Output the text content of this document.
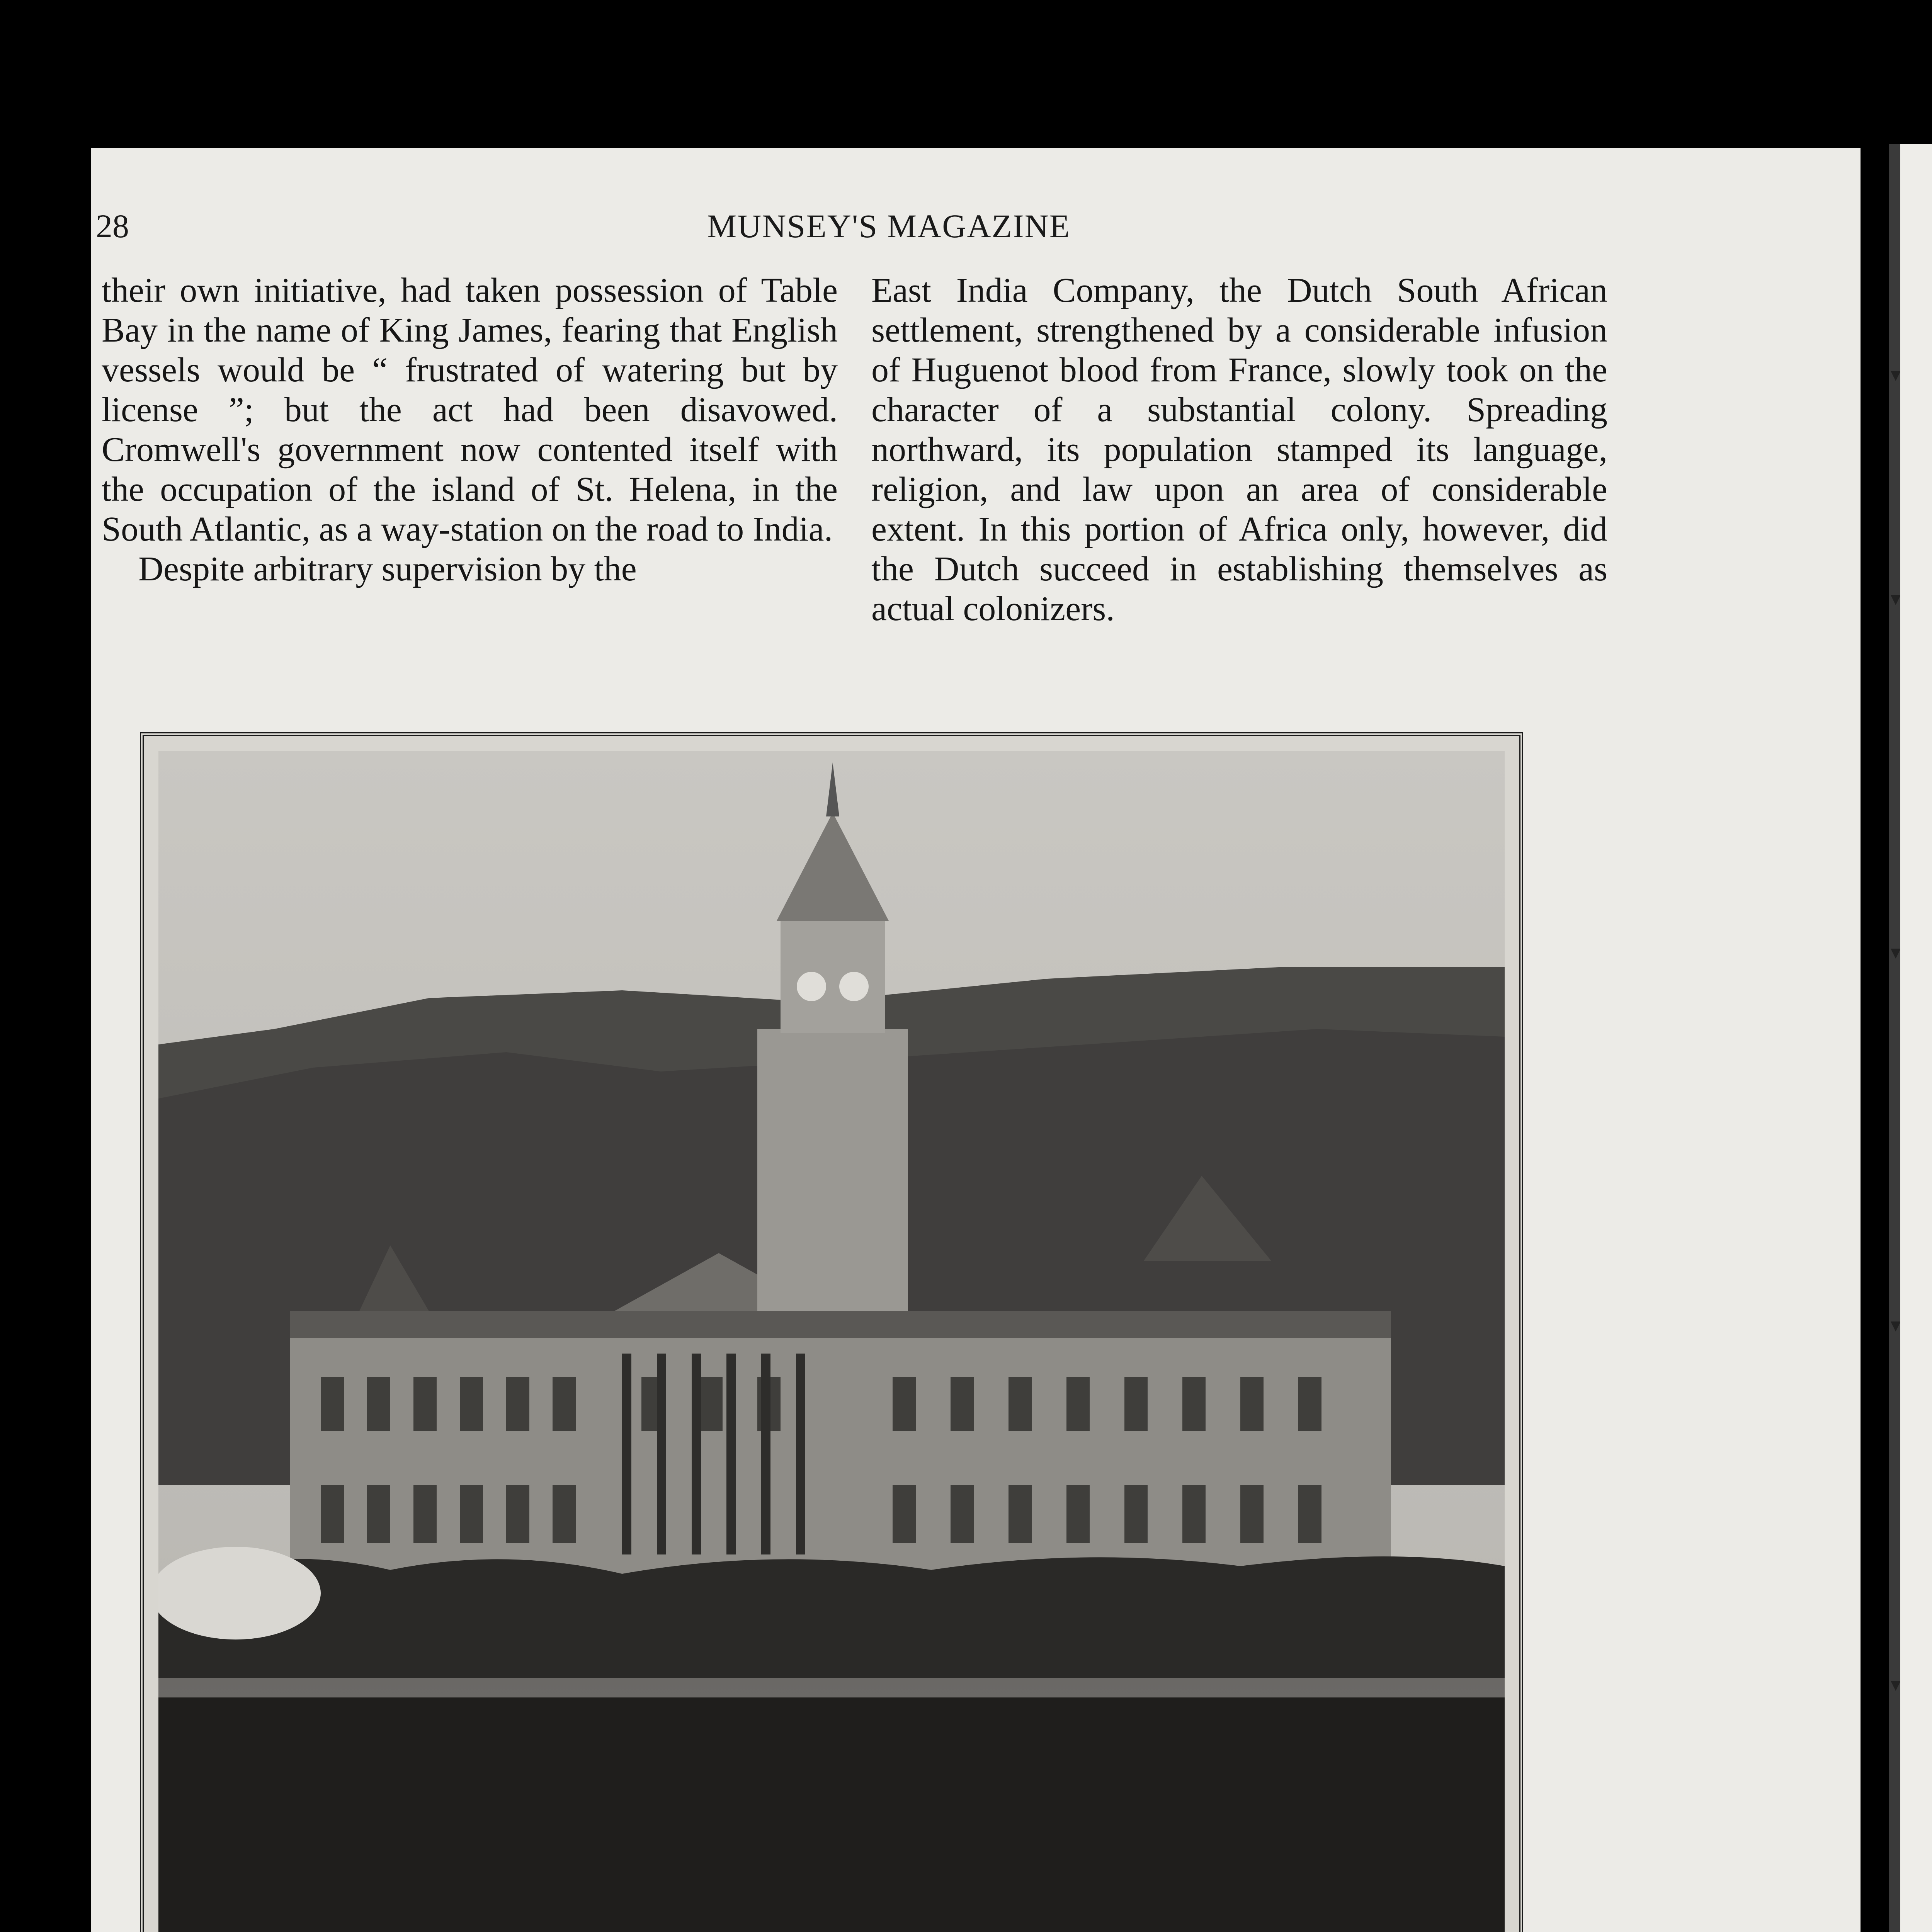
28	MUNSEY'S MAGAZINE

their own initiative, had taken possession of Table Bay in the name of King James, fearing that English vessels would be “ frustrated of watering but by license ”; but the act had been disavowed. Cromwell's government now contented itself with the occupation of the island of St. Helena, in the South Atlantic, as a way-station on the road to India.

Despite arbitrary supervision by the

East India Company, the Dutch South African settlement, strengthened by a considerable infusion of Huguenot blood from France, slowly took on the character of a substantial colony. Spreading northward, its population stamped its language, religion, and law upon an area of considerable extent. In this portion of Africa only, however, did the Dutch succeed in establishing themselves as actual colonizers.
